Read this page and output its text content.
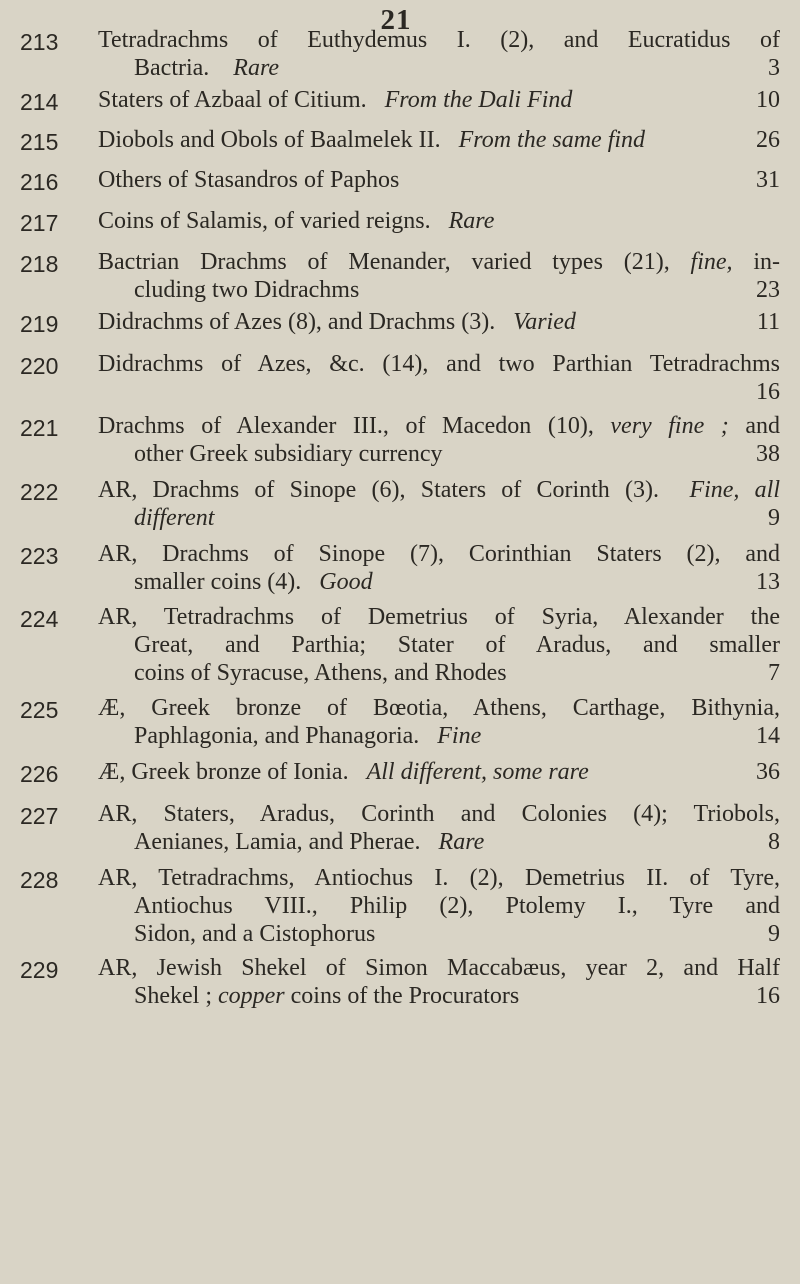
21
213	Tetradrachms of Euthydemus I. (2), and Eucratidus of
Bactria. Rare	3
214	Staters of Azbaal of Citium. From the Dali Find	10
215	Diobols and Obols of Baalmelek II. From the same find	26
216	Others of Stasandros of Paphos	31
217	Coins of Salamis, of varied reigns. Rare
218	Bactrian Drachms of Menander, varied types (21), fine, in-
cluding two Didrachms	23
219	Didrachms of Azes (8), and Drachms (3). Varied	11
220	Didrachms of Azes, &c. (14), and two Parthian Tetradrachms
16
221	Drachms of Alexander III., of Macedon (10), very fine ; and
other Greek subsidiary currency	38
222	AR, Drachms of Sinope (6), Staters of Corinth (3). Fine, all
different	9
223	AR, Drachms of Sinope (7), Corinthian Staters (2), and
smaller coins (4). Good	13
224	AR, Tetradrachms of Demetrius of Syria, Alexander the
Great, and Parthia; Stater of Aradus, and smaller
coins of Syracuse, Athens, and Rhodes	7
225	Æ, Greek bronze of Bœotia, Athens, Carthage, Bithynia,
Paphlagonia, and Phanagoria. Fine	14
226	Æ, Greek bronze of Ionia. All different, some rare	36
227	AR, Staters, Aradus, Corinth and Colonies (4); Triobols,
Aenianes, Lamia, and Pherae. Rare	8
228	AR, Tetradrachms, Antiochus I. (2), Demetrius II. of Tyre,
Antiochus VIII., Philip (2), Ptolemy I., Tyre and
Sidon, and a Cistophorus	9
229	AR, Jewish Shekel of Simon Maccabæus, year 2, and Half
Shekel ; copper coins of the Procurators	16
